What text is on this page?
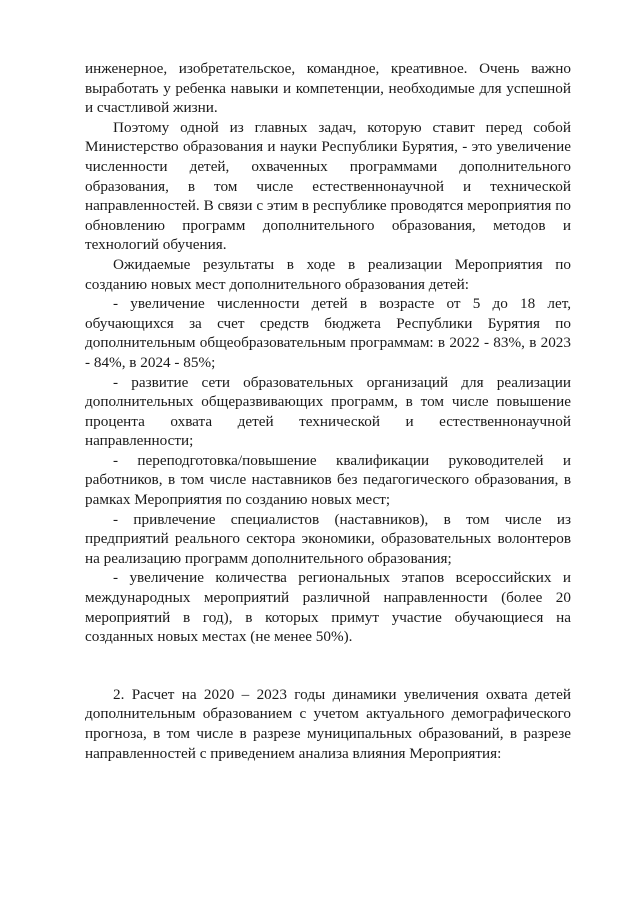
инженерное, изобретательское, командное, креативное. Очень важно выработать у ребенка навыки и компетенции, необходимые для успешной и счастливой жизни.

Поэтому одной из главных задач, которую ставит перед собой Министерство образования и науки Республики Бурятия, - это увеличение численности детей, охваченных программами дополнительного образования, в том числе естественнонаучной и технической направленностей. В связи с этим в республике проводятся мероприятия по обновлению программ дополнительного образования, методов и технологий обучения.

Ожидаемые результаты в ходе в реализации Мероприятия по созданию новых мест дополнительного образования детей:

- увеличение численности детей в возрасте от 5 до 18 лет, обучающихся за счет средств бюджета Республики Бурятия по дополнительным общеобразовательным программам: в 2022 - 83%, в 2023 - 84%, в 2024 - 85%;

- развитие сети образовательных организаций для реализации дополнительных общеразвивающих программ, в том числе повышение процента охвата детей технической и естественнонаучной направленности;

- переподготовка/повышение квалификации руководителей и работников, в том числе наставников без педагогического образования, в рамках Мероприятия по созданию новых мест;

- привлечение специалистов (наставников), в том числе из предприятий реального сектора экономики, образовательных волонтеров на реализацию программ дополнительного образования;

- увеличение количества региональных этапов всероссийских и международных мероприятий различной направленности (более 20 мероприятий в год), в которых примут участие обучающиеся на созданных новых местах (не менее 50%).

2. Расчет на 2020 – 2023 годы динамики увеличения охвата детей дополнительным образованием с учетом актуального демографического прогноза, в том числе в разрезе муниципальных образований, в разрезе направленностей с приведением анализа влияния Мероприятия:
